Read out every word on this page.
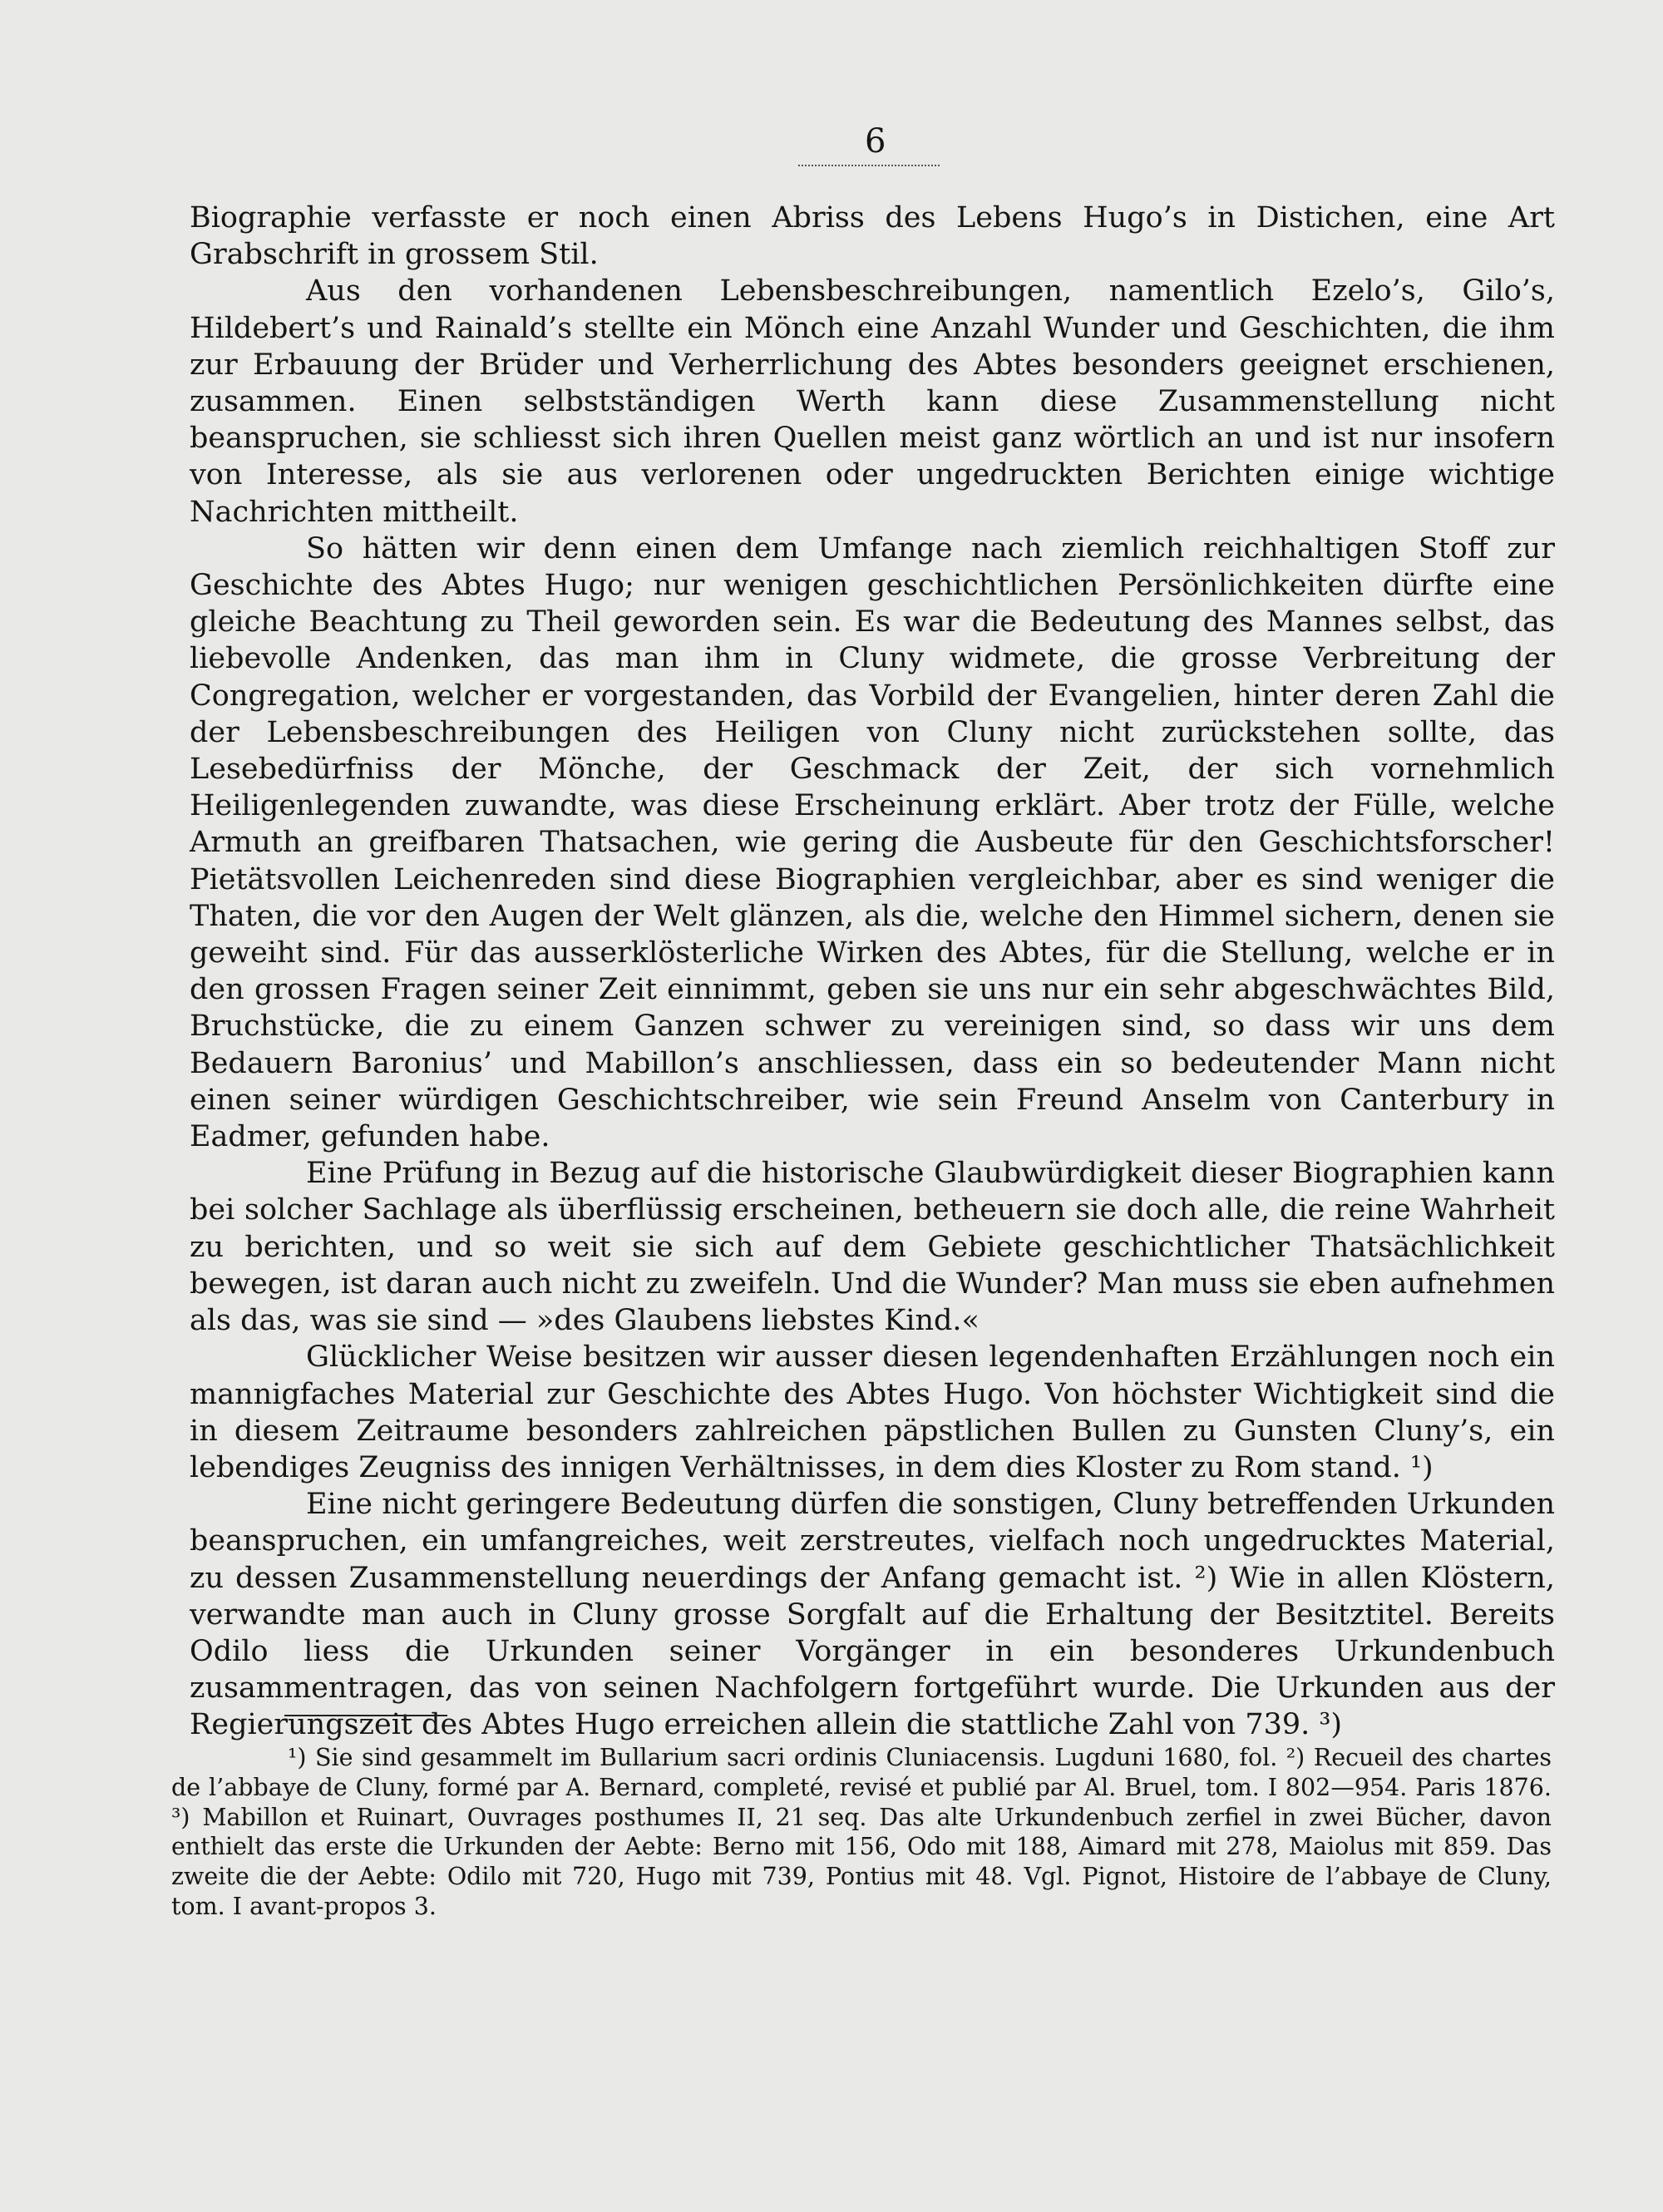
6

Biographie verfasste er noch einen Abriss des Lebens Hugo’s in Distichen, eine Art Grabschrift in grossem Stil.

Aus den vorhandenen Lebensbeschreibungen, namentlich Ezelo’s, Gilo’s, Hildebert’s und Rainald’s stellte ein Mönch eine Anzahl Wunder und Geschichten, die ihm zur Erbauung der Brüder und Verherrlichung des Abtes besonders geeignet erschienen, zusammen. Einen selbstständigen Werth kann diese Zusammenstellung nicht beanspruchen, sie schliesst sich ihren Quellen meist ganz wörtlich an und ist nur insofern von Interesse, als sie aus verlorenen oder ungedruckten Berichten einige wichtige Nachrichten mittheilt.

So hätten wir denn einen dem Umfange nach ziemlich reichhaltigen Stoff zur Geschichte des Abtes Hugo; nur wenigen geschichtlichen Persönlichkeiten dürfte eine gleiche Beachtung zu Theil geworden sein. Es war die Bedeutung des Mannes selbst, das liebevolle Andenken, das man ihm in Cluny widmete, die grosse Verbreitung der Congregation, welcher er vorgestanden, das Vorbild der Evangelien, hinter deren Zahl die der Lebensbeschreibungen des Heiligen von Cluny nicht zurückstehen sollte, das Lesebedürfniss der Mönche, der Geschmack der Zeit, der sich vornehmlich Heiligenlegenden zuwandte, was diese Erscheinung erklärt. Aber trotz der Fülle, welche Armuth an greifbaren Thatsachen, wie gering die Ausbeute für den Geschichtsforscher! Pietätsvollen Leichenreden sind diese Biographien vergleichbar, aber es sind weniger die Thaten, die vor den Augen der Welt glänzen, als die, welche den Himmel sichern, denen sie geweiht sind. Für das ausserklösterliche Wirken des Abtes, für die Stellung, welche er in den grossen Fragen seiner Zeit einnimmt, geben sie uns nur ein sehr abgeschwächtes Bild, Bruchstücke, die zu einem Ganzen schwer zu vereinigen sind, so dass wir uns dem Bedauern Baronius’ und Mabillon’s anschliessen, dass ein so bedeutender Mann nicht einen seiner würdigen Geschichtschreiber, wie sein Freund Anselm von Canterbury in Eadmer, gefunden habe.

Eine Prüfung in Bezug auf die historische Glaubwürdigkeit dieser Biographien kann bei solcher Sachlage als überflüssig erscheinen, betheuern sie doch alle, die reine Wahrheit zu berichten, und so weit sie sich auf dem Gebiete geschichtlicher Thatsächlichkeit bewegen, ist daran auch nicht zu zweifeln. Und die Wunder? Man muss sie eben aufnehmen als das, was sie sind — »des Glaubens liebstes Kind.«

Glücklicher Weise besitzen wir ausser diesen legendenhaften Erzählungen noch ein mannigfaches Material zur Geschichte des Abtes Hugo. Von höchster Wichtigkeit sind die in diesem Zeitraume besonders zahlreichen päpstlichen Bullen zu Gunsten Cluny’s, ein lebendiges Zeugniss des innigen Verhältnisses, in dem dies Kloster zu Rom stand. ¹)

Eine nicht geringere Bedeutung dürfen die sonstigen, Cluny betreffenden Urkunden beanspruchen, ein umfangreiches, weit zerstreutes, vielfach noch ungedrucktes Material, zu dessen Zusammenstellung neuerdings der Anfang gemacht ist. ²) Wie in allen Klöstern, verwandte man auch in Cluny grosse Sorgfalt auf die Erhaltung der Besitztitel. Bereits Odilo liess die Urkunden seiner Vorgänger in ein besonderes Urkundenbuch zusammentragen, das von seinen Nachfolgern fortgeführt wurde. Die Urkunden aus der Regierungszeit des Abtes Hugo erreichen allein die stattliche Zahl von 739. ³)

¹) Sie sind gesammelt im Bullarium sacri ordinis Cluniacensis. Lugduni 1680, fol. ²) Recueil des chartes de l’abbaye de Cluny, formé par A. Bernard, completé, revisé et publié par Al. Bruel, tom. I 802—954. Paris 1876. ³) Mabillon et Ruinart, Ouvrages posthumes II, 21 seq. Das alte Urkundenbuch zerfiel in zwei Bücher, davon enthielt das erste die Urkunden der Aebte: Berno mit 156, Odo mit 188, Aimard mit 278, Maiolus mit 859. Das zweite die der Aebte: Odilo mit 720, Hugo mit 739, Pontius mit 48. Vgl. Pignot, Histoire de l’abbaye de Cluny, tom. I avant-propos 3.
